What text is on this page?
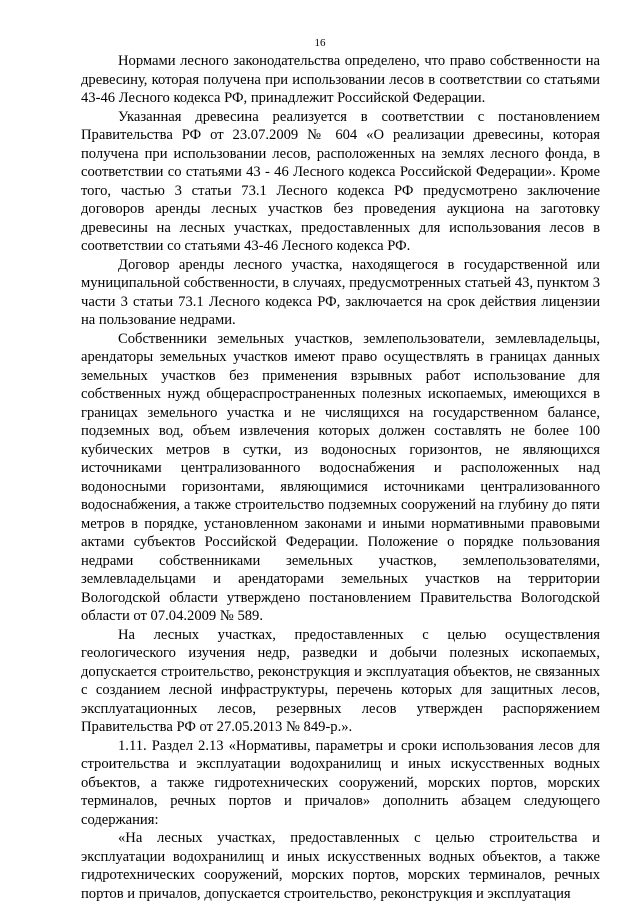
16

Нормами лесного законодательства определено, что право собственности на древесину, которая получена при использовании лесов в соответствии со статьями 43-46 Лесного кодекса РФ, принадлежит Российской Федерации.

Указанная древесина реализуется в соответствии с постановлением Правительства РФ от 23.07.2009 № 604 «О реализации древесины, которая получена при использовании лесов, расположенных на землях лесного фонда, в соответствии со статьями 43 - 46 Лесного кодекса Российской Федерации». Кроме того, частью 3 статьи 73.1 Лесного кодекса РФ предусмотрено заключение договоров аренды лесных участков без проведения аукциона на заготовку древесины на лесных участках, предоставленных для использования лесов в соответствии со статьями 43-46 Лесного кодекса РФ.

Договор аренды лесного участка, находящегося в государственной или муниципальной собственности, в случаях, предусмотренных статьей 43, пунктом 3 части 3 статьи 73.1 Лесного кодекса РФ, заключается на срок действия лицензии на пользование недрами.

Собственники земельных участков, землепользователи, землевладельцы, арендаторы земельных участков имеют право осуществлять в границах данных земельных участков без применения взрывных работ использование для собственных нужд общераспространенных полезных ископаемых, имеющихся в границах земельного участка и не числящихся на государственном балансе, подземных вод, объем извлечения которых должен составлять не более 100 кубических метров в сутки, из водоносных горизонтов, не являющихся источниками централизованного водоснабжения и расположенных над водоносными горизонтами, являющимися источниками централизованного водоснабжения, а также строительство подземных сооружений на глубину до пяти метров в порядке, установленном законами и иными нормативными правовыми актами субъектов Российской Федерации. Положение о порядке пользования недрами собственниками земельных участков, землепользователями, землевладельцами и арендаторами земельных участков на территории Вологодской области утверждено постановлением Правительства Вологодской области от 07.04.2009 № 589.

На лесных участках, предоставленных с целью осуществления геологического изучения недр, разведки и добычи полезных ископаемых, допускается строительство, реконструкция и эксплуатация объектов, не связанных с созданием лесной инфраструктуры, перечень которых для защитных лесов, эксплуатационных лесов, резервных лесов утвержден распоряжением Правительства РФ от 27.05.2013 № 849-р.».

1.11. Раздел 2.13 «Нормативы, параметры и сроки использования лесов для строительства и эксплуатации водохранилищ и иных искусственных водных объектов, а также гидротехнических сооружений, морских портов, морских терминалов, речных портов и причалов» дополнить абзацем следующего содержания:

«На лесных участках, предоставленных с целью строительства и эксплуатации водохранилищ и иных искусственных водных объектов, а также гидротехнических сооружений, морских портов, морских терминалов, речных портов и причалов, допускается строительство, реконструкция и эксплуатация
